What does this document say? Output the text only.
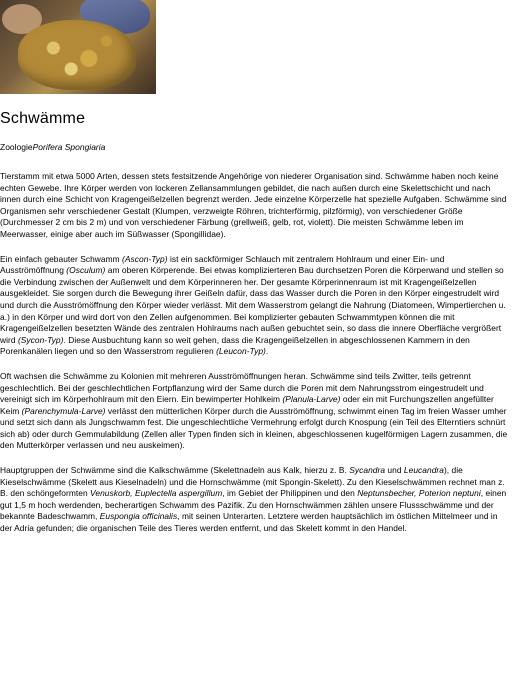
Schwämme
ZoologiePorifera Spongiaria

Tierstamm mit etwa 5000 Arten, dessen stets festsitzende Angehörige von niederer Organisation sind. Schwämme haben noch keine echten Gewebe. Ihre Körper werden von lockeren Zellansammlungen gebildet, die nach außen durch eine Skelettschicht und nach innen durch eine Schicht von Kragengeißelzellen begrenzt werden. Jede einzelne Körperzelle hat spezielle Aufgaben. Schwämme sind Organismen sehr verschiedener Gestalt (Klumpen, verzweigte Röhren, trichterförmig, pilzförmig), von verschiedener Größe (Durchmesser 2 cm bis 2 m) und von verschiedener Färbung (grellweiß, gelb, rot, violett). Die meisten Schwämme leben im Meerwasser, einige aber auch im Süßwasser (Spongillidae).

Ein einfach gebauter Schwamm (Ascon-Typ) ist ein sackförmiger Schlauch mit zentralem Hohlraum und einer Ein- und Ausströmöffnung (Osculum) am oberen Körperende. Bei etwas komplizierteren Bau durchsetzen Poren die Körperwand und stellen so die Verbindung zwischen der Außenwelt und dem Körperinneren her. Der gesamte Körperinnenraum ist mit Kragengeißelzellen ausgekleidet. Sie sorgen durch die Bewegung ihrer Geißeln dafür, dass das Wasser durch die Poren in den Körper eingestrudelt wird und durch die Ausströmöffnung den Körper wieder verlässt. Mit dem Wasserstrom gelangt die Nahrung (Diatomeen, Wimpertierchen u. a.) in den Körper und wird dort von den Zellen aufgenommen. Bei komplizierter gebauten Schwammtypen können die mit Kragengeißelzellen besetzten Wände des zentralen Hohlraums nach außen gebuchtet sein, so dass die innere Oberfläche vergrößert wird (Sycon-Typ). Diese Ausbuchtung kann so weit gehen, dass die Kragengeißelzellen in abgeschlossenen Kammern in den Porenkanälen liegen und so den Wasserstrom regulieren (Leucon-Typ).

Oft wachsen die Schwämme zu Kolonien mit mehreren Ausströmöffnungen heran. Schwämme sind teils Zwitter, teils getrennt geschlechtlich. Bei der geschlechtlichen Fortpflanzung wird der Same durch die Poren mit dem Nahrungsstrom eingestrudelt und vereinigt sich im Körperhohlraum mit den Eiern. Ein bewimperter Hohlkeim (Planula-Larve) oder ein mit Furchungszellen angefüllter Keim (Parenchymula-Larve) verlässt den mütterlichen Körper durch die Ausströmöffnung, schwimmt einen Tag im freien Wasser umher und setzt sich dann als Jungschwamm fest. Die ungeschlechtliche Vermehrung erfolgt durch Knospung (ein Teil des Elterntiers schnürt sich ab) oder durch Gemmulabildung (Zellen aller Typen finden sich in kleinen, abgeschlossenen kugelförmigen Lagern zusammen, die den Mutterkörper verlassen und neu auskeimen).

Hauptgruppen der Schwämme sind die Kalkschwämme (Skelettnadeln aus Kalk, hierzu z. B. Sycandra und Leucandra), die Kieselschwämme (Skelett aus Kieselnadeln) und die Hornschwämme (mit Spongin-Skelett). Zu den Kieselschwämmen rechnet man z. B. den schöngeformten Venuskorb, Euplectella aspergillum, im Gebiet der Philippinen und den Neptunsbecher, Poterion neptuni, einen gut 1,5 m hoch werdenden, becherartigen Schwamm des Pazifik. Zu den Hornschwämmen zählen unsere Flussschwämme und der bekannte Badeschwamm, Euspongia officinalis, mit seinen Unterarten. Letztere werden hauptsächlich im östlichen Mittelmeer und in der Adria gefunden; die organischen Teile des Tieres werden entfernt, und das Skelett kommt in den Handel.
